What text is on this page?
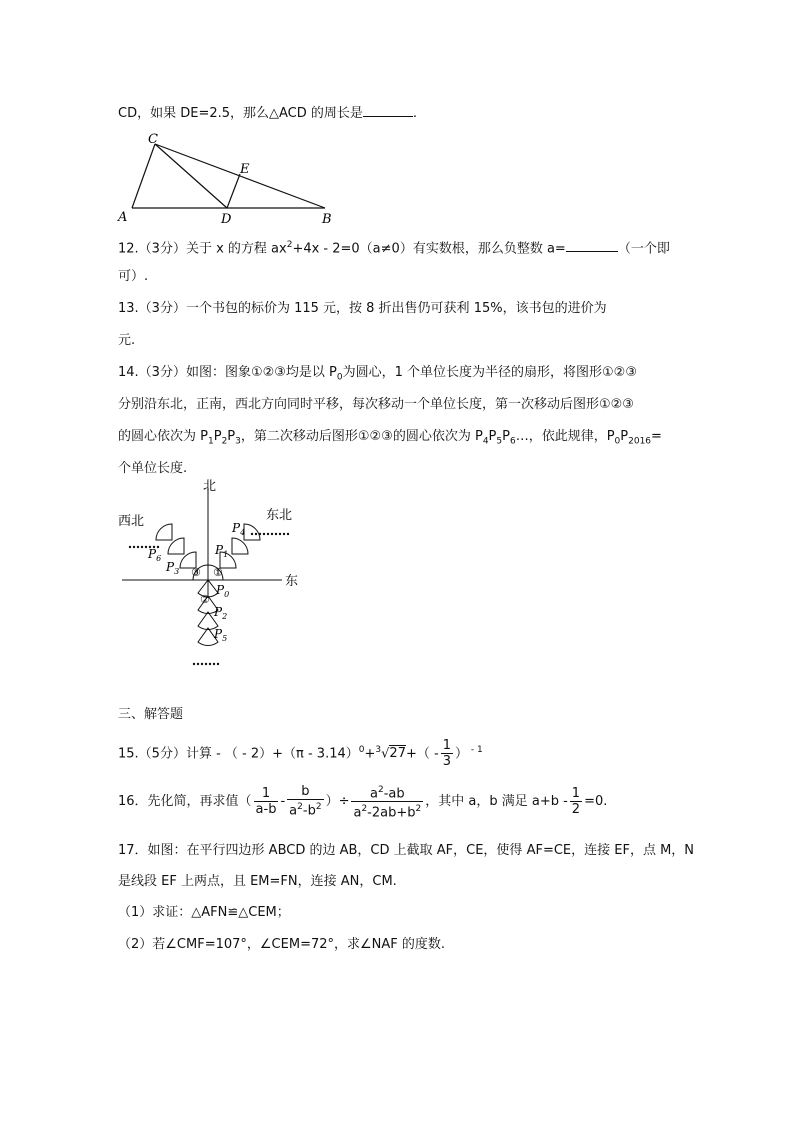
CD，如果 DE=2.5，那么△ACD 的周长是	.
C
E
A	D	B
12.（3分）关于 x 的方程 $ax^2+4x - 2=0(a\ne 0)$有实数根，那么负整数 a=	（一个即
可）.
13.（3分）一个书包的标价为 115 元，按 8 折出售仍可获利 15%，该书包的进价为
元.
14.（3分）如图：图象①②③均是以 $P_0$为圆心，1 个单位长度为半径的扇形，将图形①②③
分别沿东北，正南，西北方向同时平移，每次移动一个单位长度，第一次移动后图形①②③
的圆心依次为 $P_1P_2P_3$，第二次移动后图形①②③的圆心依次为 $P_4P_5P_6\dots$，依此规律，$P_0P_{2016}=$
个单位长度.
北
东
东北
西北
①
③
②
$P_0$
$P_1$
$P_2$
$P_3$
$P_4$
$P_5$
$P_6$
三、解答题
15.（5分）计算 - （ - $2)+(\pi - 3.14)^0+^3√27+( - \frac{1}{3}$ ） $^{- 1}$
16．先化简，再求值（ $\frac{1}{a-b} - \frac{b}{a^2-b^2}$ ）÷ $\frac{a^2-ab}{a^2-2ab+b^2}$ ，其中 a，b 满足 $a+b - \frac{1}{2} =0$.
17．如图：在平行四边形 ABCD 的边 AB，CD 上截取 AF，CE，使得 AF=CE，连接 EF，点 M，N
是线段 EF 上两点，且 EM=FN，连接 AN，CM.
（1）求证：△AFN≌△CEM；
（2）若∠CMF=107°，∠CEM=72°，求∠NAF 的度数.
